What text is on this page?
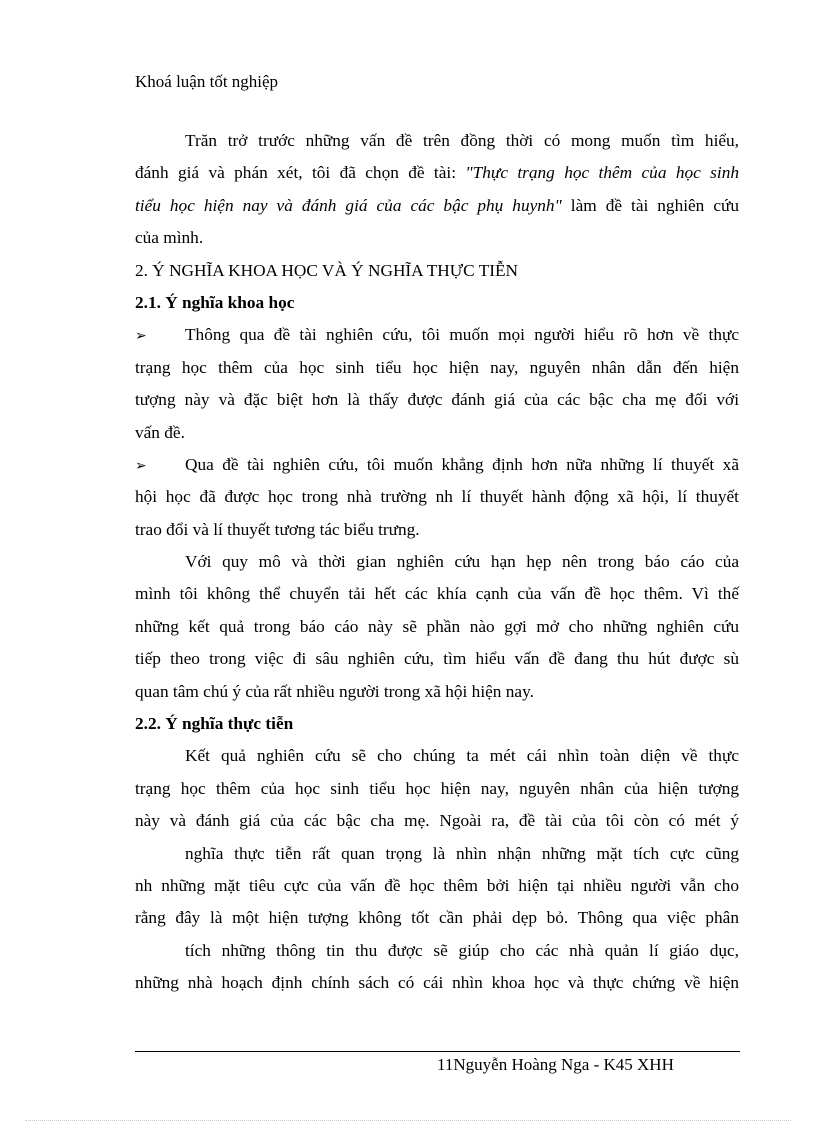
Khoá luận tốt nghiệp
Trăn trở trước những vấn đề trên đồng thời có mong muốn tìm hiểu,
đánh giá và phán xét, tôi đã chọn đề tài: "Thực trạng học thêm của học sinh
tiểu học hiện nay và đánh giá của các bậc phụ huynh" làm đề tài nghiên cứu
của mình.
2. Ý NGHĨA KHOA HỌC VÀ Ý NGHĨA THỰC TIỄN
2.1. Ý nghĩa khoa học
➢	Thông qua đề tài nghiên cứu, tôi muốn mọi người hiểu rõ hơn về thực
trạng học thêm của học sinh tiểu học hiện nay, nguyên nhân dẫn đến hiện
tượng này và đặc biệt hơn là thấy được đánh giá của các bậc cha mẹ đối với
vấn đề.
➢	Qua đề tài nghiên cứu, tôi muốn khẳng định hơn nữa những lí thuyết xã
hội học đã được học trong nhà trường nh lí thuyết hành động xã hội, lí thuyết
trao đổi và lí thuyết tương tác biểu trưng.
Với quy mô và thời gian nghiên cứu hạn hẹp nên trong báo cáo của
mình tôi không thể chuyển tải hết các khía cạnh của vấn đề học thêm. Vì thế
những kết quả trong báo cáo này sẽ phần nào gợi mở cho những nghiên cứu
tiếp theo trong việc đi sâu nghiên cứu, tìm hiểu vấn đề đang thu hút được sù
quan tâm chú ý của rất nhiều người trong xã hội hiện nay.
2.2. Ý nghĩa thực tiễn
Kết quả nghiên cứu sẽ cho chúng ta mét cái nhìn toàn diện về thực
trạng học thêm của học sinh tiểu học hiện nay, nguyên nhân của hiện tượng
này và đánh giá của các bậc cha mẹ. Ngoài ra, đề tài của tôi còn có mét ý
nghĩa thực tiễn rất quan trọng là nhìn nhận những mặt tích cực cũng
nh những mặt tiêu cực của vấn đề học thêm bởi hiện tại nhiều người vẫn cho
rằng đây là một hiện tượng không tốt cần phải dẹp bỏ. Thông qua việc phân
tích những thông tin thu được sẽ giúp cho các nhà quản lí giáo dục,
những nhà hoạch định chính sách có cái nhìn khoa học và thực chứng về hiện
11Nguyễn Hoàng Nga - K45 XHH
